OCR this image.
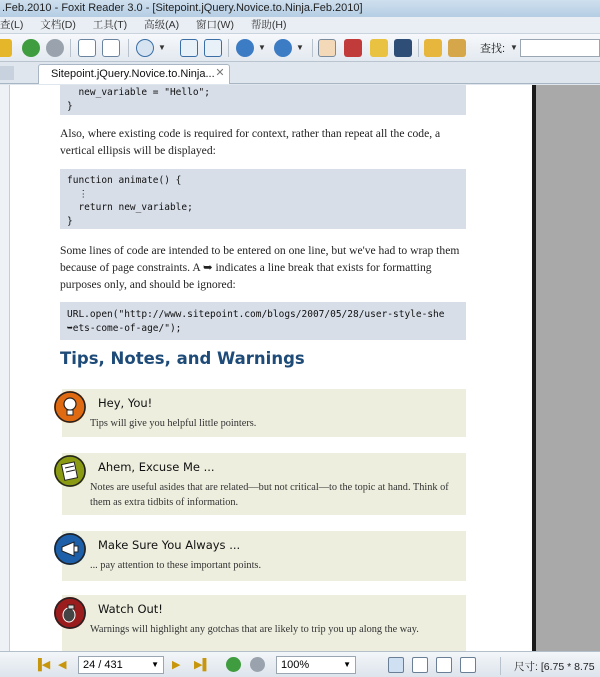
.Feb.2010 - Foxit Reader 3.0 - [Sitepoint.jQuery.Novice.to.Ninja.Feb.2010]
查(L) 文档(D) 工具(T) 高级(A) 窗口(W) 帮助(H)
▼	▼	▼	查找: ▼
Sitepoint.jQuery.Novice.to.Ninja... ✕
new_variable = "Hello";
}
Also, where existing code is required for context, rather than repeat all the code, a vertical ellipsis will be displayed:
function animate() {
⋮
return new_variable;
}
Some lines of code are intended to be entered on one line, but we've had to wrap them because of page constraints. A ➥ indicates a line break that exists for formatting purposes only, and should be ignored:
URL.open("http://www.sitepoint.com/blogs/2007/05/28/user-style-she
➥ets-come-of-age/");
Tips, Notes, and Warnings
Hey, You!
Tips will give you helpful little pointers.
Ahem, Excuse Me ...
Notes are useful asides that are related—but not critical—to the topic at hand. Think of them as extra tidbits of information.
Make Sure You Always ...
... pay attention to these important points.
Watch Out!
Warnings will highlight any gotchas that are likely to trip you up along the way.
▐◀ ◀	24 / 431	▼ ▶ ▶▌	100%	▼	尺寸: [6.75 * 8.75
